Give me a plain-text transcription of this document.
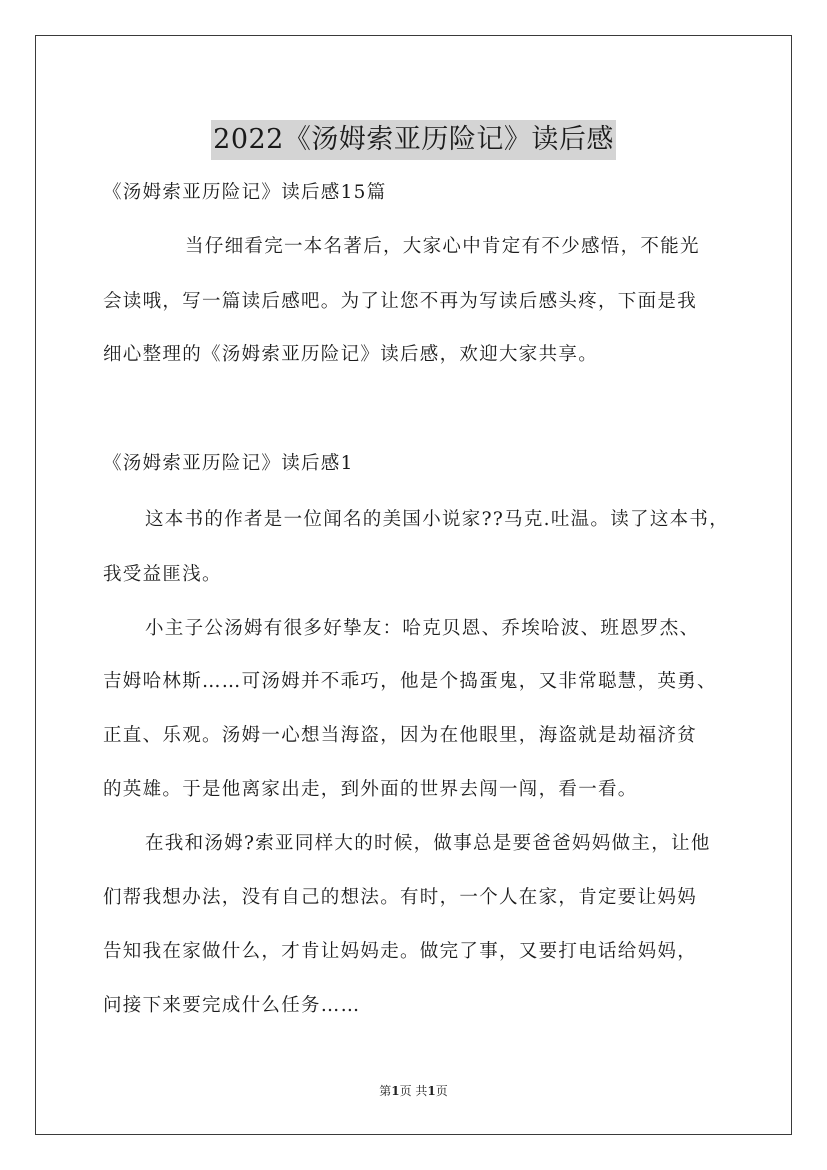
2022《汤姆索亚历险记》读后感
《汤姆索亚历险记》读后感15篇
当仔细看完一本名著后，大家心中肯定有不少感悟，不能光
会读哦，写一篇读后感吧。为了让您不再为写读后感头疼，下面是我
细心整理的《汤姆索亚历险记》读后感，欢迎大家共享。
《汤姆索亚历险记》读后感1
这本书的作者是一位闻名的美国小说家??马克.吐温。读了这本书，
我受益匪浅。
小主子公汤姆有很多好挚友：哈克贝恩、乔埃哈波、班恩罗杰、
吉姆哈林斯……可汤姆并不乖巧，他是个捣蛋鬼，又非常聪慧，英勇、
正直、乐观。汤姆一心想当海盗，因为在他眼里，海盗就是劫福济贫
的英雄。于是他离家出走，到外面的世界去闯一闯，看一看。
在我和汤姆?索亚同样大的时候，做事总是要爸爸妈妈做主，让他
们帮我想办法，没有自己的想法。有时，一个人在家，肯定要让妈妈
告知我在家做什么，才肯让妈妈走。做完了事，又要打电话给妈妈，
问接下来要完成什么任务……
第1页 共1页
